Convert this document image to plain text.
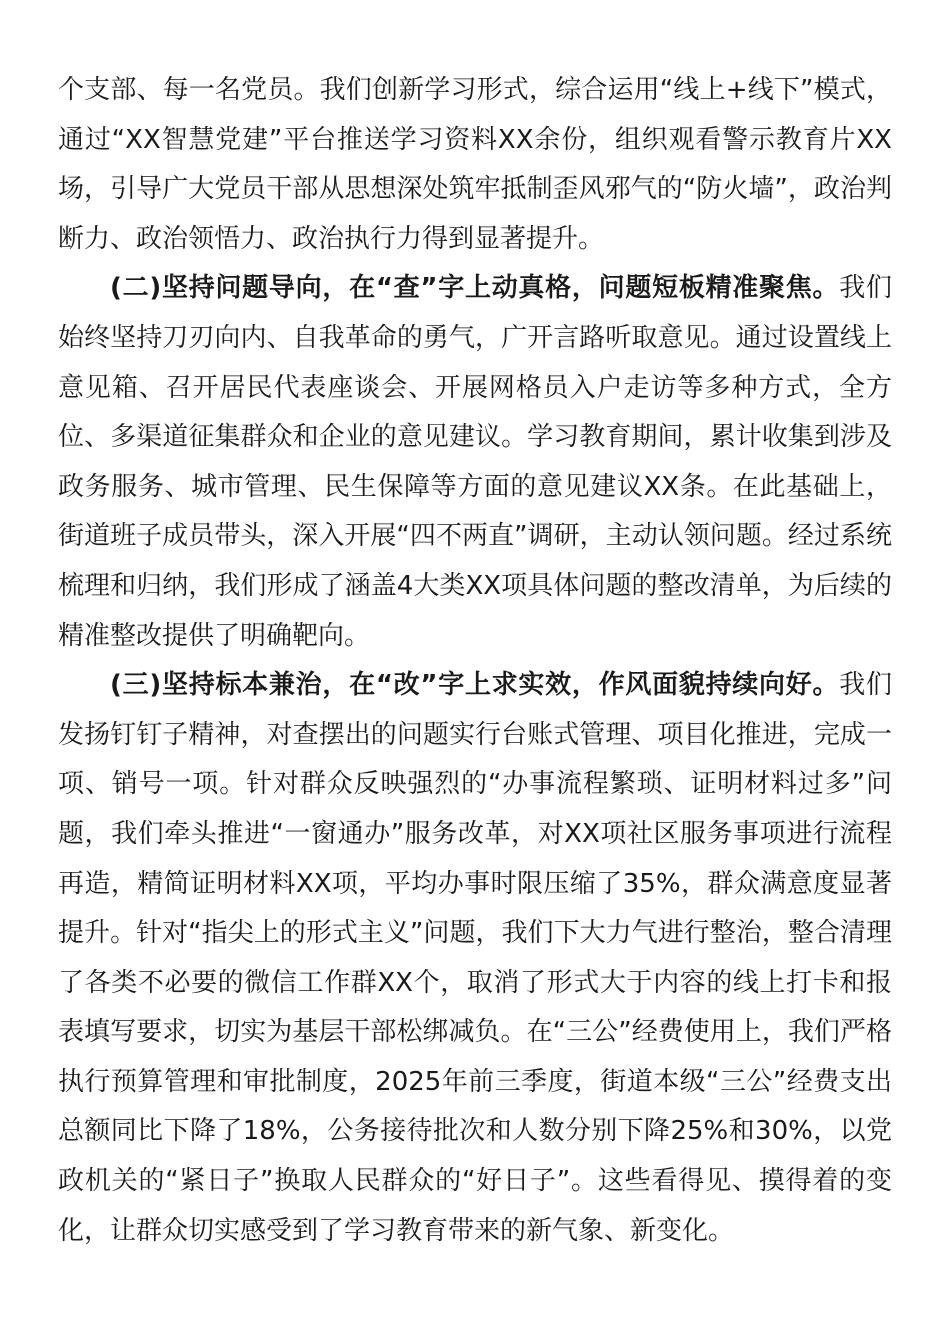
个支部、每一名党员。我们创新学习形式，综合运用“线上+线下”模式，通过“XX智慧党建”平台推送学习资料XX余份，组织观看警示教育片XX场，引导广大党员干部从思想深处筑牢抵制歪风邪气的“防火墙”，政治判断力、政治领悟力、政治执行力得到显著提升。

(二)坚持问题导向，在“查”字上动真格，问题短板精准聚焦。我们始终坚持刀刃向内、自我革命的勇气，广开言路听取意见。通过设置线上意见箱、召开居民代表座谈会、开展网格员入户走访等多种方式，全方位、多渠道征集群众和企业的意见建议。学习教育期间，累计收集到涉及政务服务、城市管理、民生保障等方面的意见建议XX条。在此基础上，街道班子成员带头，深入开展“四不两直”调研，主动认领问题。经过系统梳理和归纳，我们形成了涵盖4大类XX项具体问题的整改清单，为后续的精准整改提供了明确靶向。

(三)坚持标本兼治，在“改”字上求实效，作风面貌持续向好。我们发扬钉钉子精神，对查摆出的问题实行台账式管理、项目化推进，完成一项、销号一项。针对群众反映强烈的“办事流程繁琐、证明材料过多”问题，我们牵头推进“一窗通办”服务改革，对XX项社区服务事项进行流程再造，精简证明材料XX项，平均办事时限压缩了35%，群众满意度显著提升。针对“指尖上的形式主义”问题，我们下大力气进行整治，整合清理了各类不必要的微信工作群XX个，取消了形式大于内容的线上打卡和报表填写要求，切实为基层干部松绑减负。在“三公”经费使用上，我们严格执行预算管理和审批制度，2025年前三季度，街道本级“三公”经费支出总额同比下降了18%，公务接待批次和人数分别下降25%和30%，以党政机关的“紧日子”换取人民群众的“好日子”。这些看得见、摸得着的变化，让群众切实感受到了学习教育带来的新气象、新变化。
